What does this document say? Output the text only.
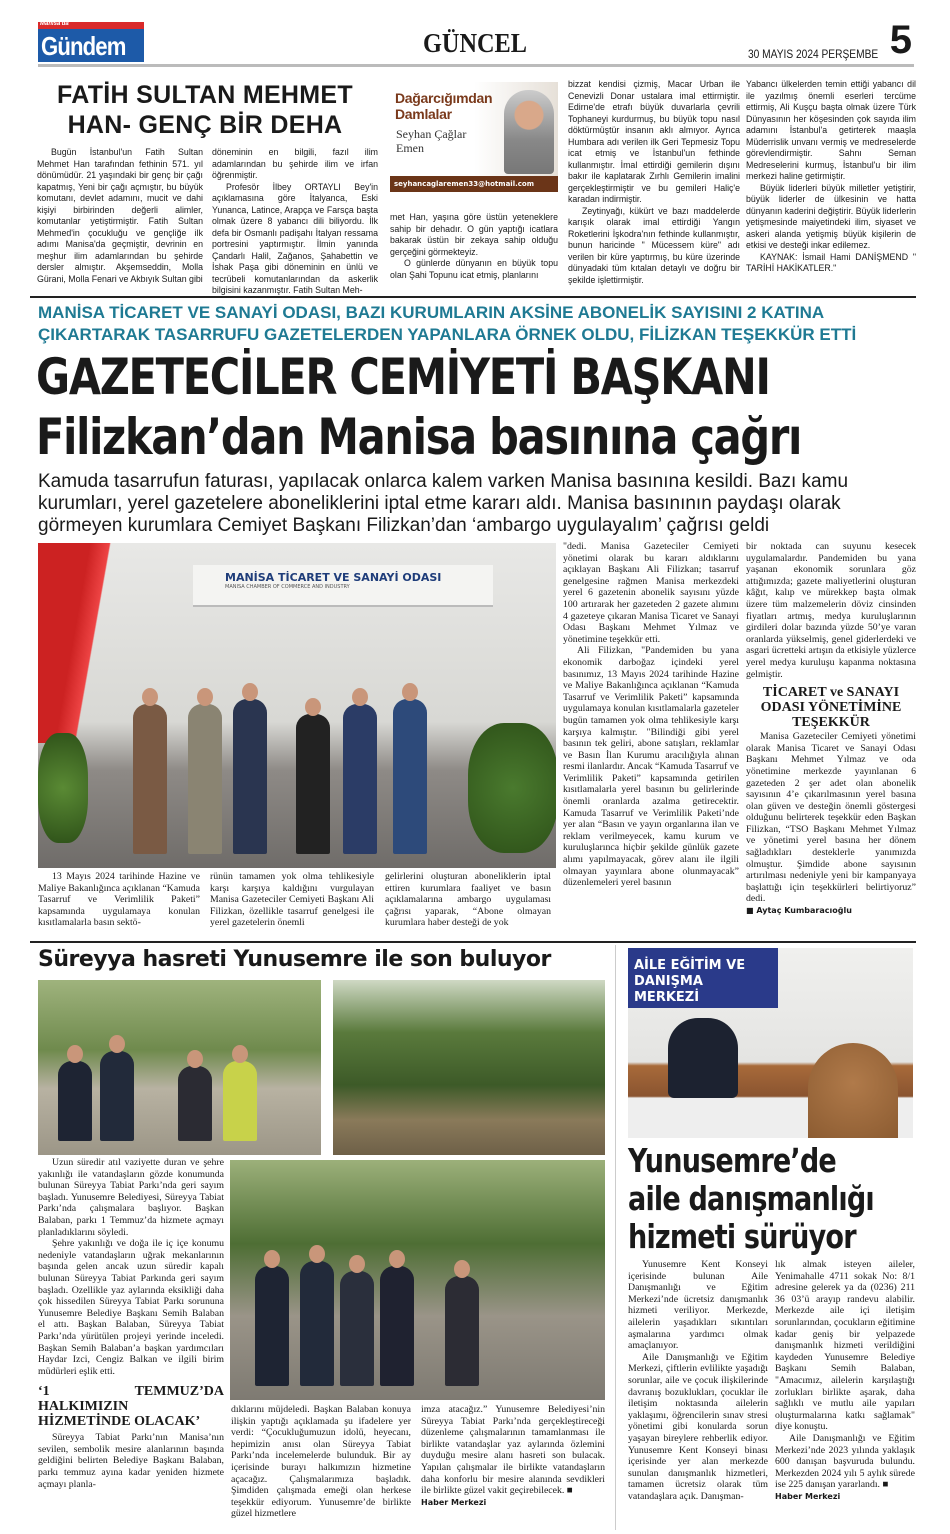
Manisa'da
Gündem	GÜNCEL	30 MAYIS 2024 PERŞEMBE 5
FATİH SULTAN MEHMET
HAN- GENÇ BİR DEHA

Bugün İstanbul'un Fatih Sultan Mehmet Han tarafından fethinin 571. yıl dönümüdür. 21 yaşındaki bir genç bir çağı kapatmış, Yeni bir çağı açmıştır, bu büyük komutanı, devlet adamını, mucit ve dahi kişiyi birbirinden değerli alimler, komutanlar yetiştirmiştir. Fatih Sultan Mehmed'in çocukluğu ve gençliğe ilk adımı Manisa'da geçmiştir, devrinin en meşhur ilim adamlarından bu şehirde dersler almıştır. Akşemseddin, Molla Gürani, Molla Fenari ve Akbıyık Sultan gibi

döneminin en bilgili, fazıl ilim adamlarından bu şehirde ilim ve irfan öğrenmiştir.

Profesör İlbey ORTAYLI Bey'in açıklamasına göre İtalyanca, Eski Yunanca, Latince, Arapça ve Farsça başta olmak üzere 8 yabancı dili biliyordu. İlk defa bir Osmanlı padişahı İtalyan ressama portresini yaptırmıştır. İlmin yanında Çandarlı Halil, Zağanos, Şahabettin ve İshak Paşa gibi döneminin en ünlü ve tecrübeli komutanlarından da askerlik bilgisini kazanmıştır. Fatih Sultan Meh-

Dağarcığımdan Damlalar
Seyhan Çağlar Emen
seyhancaglaremen33@hotmail.com

met Han, yaşına göre üstün yeteneklere sahip bir dehadır. O gün yaptığı icatlara bakarak üstün bir zekaya sahip olduğu gerçeğini görmekteyiz.

O günlerde dünyanın en büyük topu olan Şahi Topunu icat etmiş, planlarını

bizzat kendisi çizmiş, Macar Urban ile Cenevizli Donar ustalara imal ettirmiştir. Edirne'de etrafı büyük duvarlarla çevrili Tophaneyi kurdurmuş, bu büyük topu nasıl döktürmüştür insanın aklı almıyor. Ayrıca Humbara adı verilen ilk Geri Tepmesiz Topu icat etmiş ve İstanbul'un fethinde kullanmıştır. İmal ettirdiği gemilerin dışını bakır ile kaplatarak Zırhlı Gemilerin imalini gerçekleştirmiştir ve bu gemileri Haliç'e karadan indirmiştir.

Zeytinyağı, kükürt ve bazı maddelerde karışık olarak imal ettirdiği Yangın Roketlerini İşkodra'nın fethinde kullanmıştır, bunun haricinde " Mücessem küre" adı verilen bir küre yaptırmış, bu küre üzerinde dünyadaki tüm kıtalan detaylı ve doğru bir şekilde işlettirmiştir.

Yabancı ülkelerden temin ettiği yabancı dil ile yazılmış önemli eserleri tercüme ettirmiş, Ali Kuşçu başta olmak üzere Türk Dünyasının her köşesinden çok sayıda ilim adamını İstanbul'a getirterek maaşla Müderrislik unvanı vermiş ve medreselerde görevlendirmiştir. Sahnı Seman Medreselerini kurmuş, İstanbul'u bir ilim merkezi haline getirmiştir.

Büyük liderleri büyük milletler yetiştirir, büyük liderler de ülkesinin ve hatta dünyanın kaderini değiştirir. Büyük liderlerin yetişmesinde maiyetindeki ilim, siyaset ve askeri alanda yetişmiş büyük kişilerin de etkisi ve desteği inkar edilemez.

KAYNAK: İsmail Hami DANİŞMEND " TARİHİ HAKİKATLER."

MANİSA TİCARET VE SANAYİ ODASI, BAZI KURUMLARIN AKSİNE ABONELİK SAYISINI 2 KATINA ÇIKARTARAK TASARRUFU GAZETELERDEN YAPANLARA ÖRNEK OLDU, FİLİZKAN TEŞEKKÜR ETTİ
GAZETECİLER CEMİYETİ BAŞKANI
Filizkan’dan Manisa basınına çağrı
Kamuda tasarrufun faturası, yapılacak onlarca kalem varken Manisa basınına kesildi. Bazı kamu kurumları, yerel gazetelere aboneliklerini iptal etme kararı aldı. Manisa basınının paydaşı olarak görmeyen kurumlara Cemiyet Başkanı Filizkan’dan ‘ambargo uygulayalım’ çağrısı geldi
MANİSA TİCARET VE SANAYİ ODASI
MANISA CHAMBER OF COMMERCE AND INDUSTRY

13 Mayıs 2024 tarihinde Hazine ve Maliye Bakanlığınca açıklanan “Kamuda Tasarruf ve Verimlilik Paketi” kapsamında uygulamaya konulan kısıtlamalarla basın sektö-

rünün tamamen yok olma tehlikesiyle karşı karşıya kaldığını vurgulayan Manisa Gazeteciler Cemiyeti Başkanı Ali Filizkan, özellikle tasarruf genelgesi ile yerel gazetelerin önemli

gelirlerini oluşturan aboneliklerin iptal ettiren kurumlara faaliyet ve basın açıklamalarına ambargo uygulaması çağrısı yaparak, “Abone olmayan kurumlara haber desteği de yok

"dedi. Manisa Gazeteciler Cemiyeti yönetimi olarak bu kararı aldıklarını açıklayan Başkanı Ali Filizkan; tasarruf genelgesine rağmen Manisa merkezdeki yerel 6 gazetenin abonelik sayısını yüzde 100 artırarak her gazeteden 2 gazete alımını 4 gazeteye çıkaran Manisa Ticaret ve Sanayi Odası Başkanı Mehmet Yılmaz ve yönetimine teşekkür etti.

Ali Filizkan, "Pandemiden bu yana ekonomik darboğaz içindeki yerel basınımız, 13 Mayıs 2024 tarihinde Hazine ve Maliye Bakanlığınca açıklanan “Kamuda Tasarruf ve Verimlilik Paketi” kapsamında uygulamaya konulan kısıtlamalarla gazeteler bugün tamamen yok olma tehlikesiyle karşı karşıya kalmıştır. "Bilindiği gibi yerel basının tek geliri, abone satışları, reklamlar ve Basın İlan Kurumu aracılığıyla alınan resmi ilanlardır. Ancak “Kamuda Tasarruf ve Verimlilik Paketi” kapsamında getirilen kısıtlamalarla yerel basının bu gelirlerinde önemli oranlarda azalma getirecektir. Kamuda Tasarruf ve Verimlilik Paketi’nde yer alan “Basın ve yayın organlarına ilan ve reklam verilmeyecek, kamu kurum ve kuruluşlarınca hiçbir şekilde günlük gazete alımı yapılmayacak, görev alanı ile ilgili olmayan yayınlara abone olunmayacak” düzenlemeleri yerel basının

bir noktada can suyunu kesecek uygulamalardır. Pandemiden bu yana yaşanan ekonomik sorunlara göz attığımızda; gazete maliyetlerini oluşturan kâğıt, kalıp ve mürekkep başta olmak üzere tüm malzemelerin döviz cinsinden fiyatları artmış, medya kuruluşlarının girdileri dolar bazında yüzde 50’ye varan oranlarda yükselmiş, genel giderlerdeki ve asgari ücretteki artışın da etkisiyle yüzlerce yerel medya kuruluşu kapanma noktasına gelmiştir.

TİCARET ve SANAYI ODASI YÖNETİMİNE TEŞEKKÜR

Manisa Gazeteciler Cemiyeti yönetimi olarak Manisa Ticaret ve Sanayi Odası Başkanı Mehmet Yılmaz ve oda yönetimine merkezde yayınlanan 6 gazeteden 2 şer adet olan abonelik sayısının 4’e çıkarılmasının yerel basına olan güven ve desteğin önemli göstergesi olduğunu belirterek teşekkür eden Başkan Filizkan, “TSO Başkanı Mehmet Yılmaz ve yönetimi yerel basına her dönem sağladıkları desteklerle yanımızda olmuştur. Şimdide abone sayısının artırılması nedeniyle yeni bir kampanyaya başlattığı için teşekkürleri belirtiyoruz” dedi.

■ Aytaç Kumbaracıoğlu
Süreyya hasreti Yunusemre ile son buluyor

Uzun süredir atıl vaziyette duran ve şehre yakınlığı ile vatandaşların gözde konumunda bulunan Süreyya Tabiat Parkı’nda geri sayım başladı. Yunusemre Belediyesi, Süreyya Tabiat Parkı’nda çalışmalara başlıyor. Başkan Balaban, parkı 1 Temmuz’da hizmete açmayı planladıklarını söyledi.

Şehre yakınlığı ve doğa ile iç içe konumu nedeniyle vatandaşların uğrak mekanlarının başında gelen ancak uzun süredir kapalı bulunan Süreyya Tabiat Parkında geri sayım başladı. Ozellikle yaz aylarında eksikliği daha çok hissedilen Süreyya Tabiat Parkı sorununa Yunusemre Belediye Başkanı Semih Balaban el attı. Başkan Balaban, Süreyya Tabiat Parkı’nda yürütülen projeyi yerinde inceledi. Başkan Semih Balaban’a başkan yardımcıları Haydar Izci, Cengiz Balkan ve ilgili birim müdürleri eşlik etti.

‘1 TEMMUZ’DA HALKIMIZIN HİZMETİNDE OLACAK’

Süreyya Tabiat Parkı’nın Manisa’nın sevilen, sembolik mesire alanlarının başında geldiğini belirten Belediye Başkanı Balaban, parkı temmuz ayına kadar yeniden hizmete açmayı planla-

dıklarını müjdeledi. Başkan Balaban konuya ilişkin yaptığı açıklamada şu ifadelere yer verdi: “Çocukluğumuzun idolü, heyecanı, hepimizin anısı olan Süreyya Tabiat Parkı’nda incelemelerde bulunduk. Bir ay içerisinde burayı halkımızın hizmetine açacağız. Çalışmalarımıza başladık. Şimdiden çalışmada emeği olan herkese teşekkür ediyorum. Yunusemre’de birlikte güzel hizmetlere

imza atacağız.” Yunusemre Belediyesi’nin Süreyya Tabiat Parkı’nda gerçekleştireceği düzenleme çalışmalarının tamamlanması ile birlikte vatandaşlar yaz aylarında özlemini duyduğu mesire alanı hasreti son bulacak. Yapılan çalışmalar ile birlikte vatandaşların daha konforlu bir mesire alanında sevdikleri ile birlikte güzel vakit geçirebilecek. ■

Haber Merkezi
AİLE EĞİTİM VE DANIŞMA MERKEZİ
Yunusemre’de
aile danışmanlığı
hizmeti sürüyor

Yunusemre Kent Konseyi içerisinde bulunan Aile Danışmanlığı ve Eğitim Merkezi’nde ücretsiz danışmanlık hizmeti veriliyor. Merkezde, ailelerin yaşadıkları sıkıntıları aşmalarına yardımcı olmak amaçlanıyor.

Aile Danışmanlığı ve Eğitim Merkezi, çiftlerin evlilikte yaşadığı sorunlar, aile ve çocuk ilişkilerinde davranış bozuklukları, çocuklar ile iletişim noktasında ailelerin yaklaşımı, öğrencilerin sınav stresi yönetimi gibi konularda sorun yaşayan bireylere rehberlik ediyor. Yunusemre Kent Konseyi binası içerisinde yer alan merkezde sunulan danışmanlık hizmetleri, tamamen ücretsiz olarak tüm vatandaşlara açık. Danışman-

lık almak isteyen aileler, Yenimahalle 4711 sokak No: 8/1 adresine gelerek ya da (0236) 211 36 03’ü arayıp randevu alabilir. Merkezde aile içi iletişim sorunlarından, çocukların eğitimine kadar geniş bir yelpazede danışmanlık hizmeti verildiğini kaydeden Yunusemre Belediye Başkanı Semih Balaban, "Amacımız, ailelerin karşılaştığı zorlukları birlikte aşarak, daha sağlıklı ve mutlu aile yapıları oluşturmalarına katkı sağlamak" diye konuştu.

Aile Danışmanlığı ve Eğitim Merkezi’nde 2023 yılında yaklaşık 600 danışan başvuruda bulundu. Merkezden 2024 yılı 5 aylık sürede ise 225 danışan yararlandı. ■

Haber Merkezi
